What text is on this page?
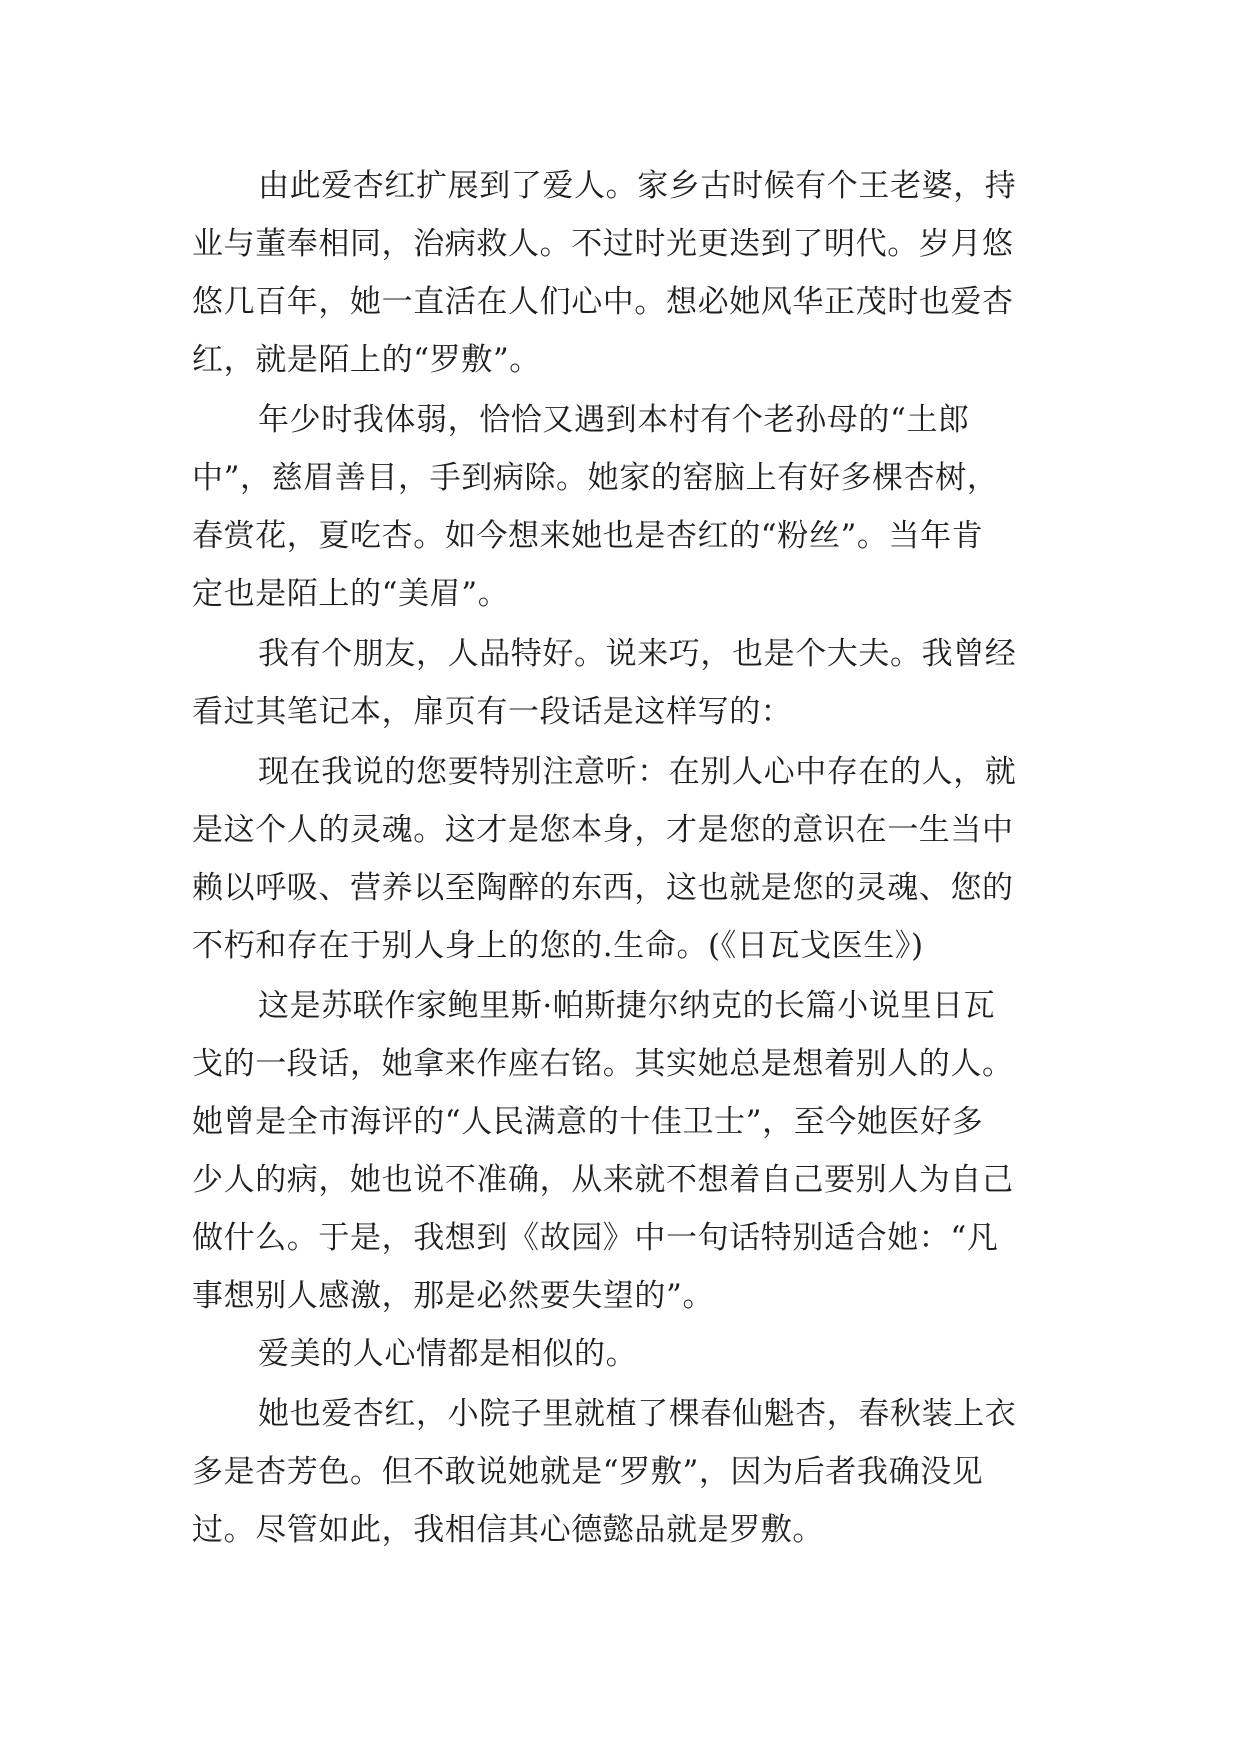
由此爱杏红扩展到了爱人。家乡古时候有个王老婆，持
业与董奉相同，治病救人。不过时光更迭到了明代。岁月悠
悠几百年，她一直活在人们心中。想必她风华正茂时也爱杏
红，就是陌上的“罗敷”。
年少时我体弱，恰恰又遇到本村有个老孙母的“土郎
中”，慈眉善目，手到病除。她家的窑脑上有好多棵杏树，
春赏花，夏吃杏。如今想来她也是杏红的“粉丝”。当年肯
定也是陌上的“美眉”。
我有个朋友，人品特好。说来巧，也是个大夫。我曾经
看过其笔记本，扉页有一段话是这样写的：
现在我说的您要特别注意听：在别人心中存在的人，就
是这个人的灵魂。这才是您本身，才是您的意识在一生当中
赖以呼吸、营养以至陶醉的东西，这也就是您的灵魂、您的
不朽和存在于别人身上的您的.生命。(《日瓦戈医生》)
这是苏联作家鲍里斯·帕斯捷尔纳克的长篇小说里日瓦
戈的一段话，她拿来作座右铭。其实她总是想着别人的人。
她曾是全市海评的“人民满意的十佳卫士”，至今她医好多
少人的病，她也说不准确，从来就不想着自己要别人为自己
做什么。于是，我想到《故园》中一句话特别适合她：“凡
事想别人感激，那是必然要失望的”。
爱美的人心情都是相似的。
她也爱杏红，小院子里就植了棵春仙魁杏，春秋装上衣
多是杏芳色。但不敢说她就是“罗敷”，因为后者我确没见
过。尽管如此，我相信其心德懿品就是罗敷。
